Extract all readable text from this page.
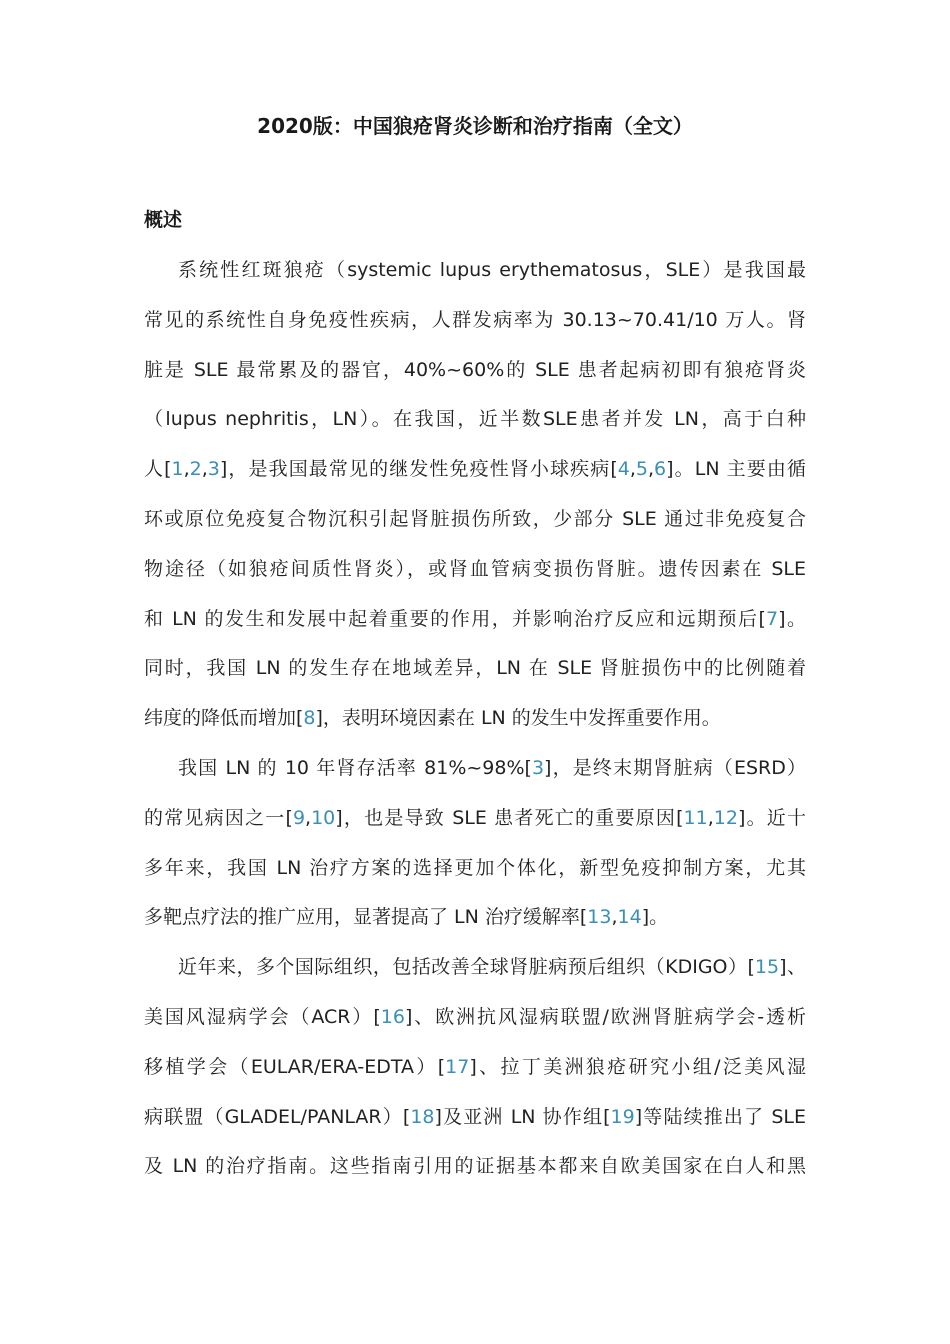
2020版：中国狼疮肾炎诊断和治疗指南（全文）
概述
系统性红斑狼疮（systemic lupus erythematosus，SLE）是我国最
常见的系统性自身免疫性疾病，人群发病率为 30.13~70.41/10 万人。肾
脏是 SLE 最常累及的器官，40%~60%的 SLE 患者起病初即有狼疮肾炎
（lupus nephritis，LN）。在我国，近半数SLE患者并发 LN，高于白种
人[1,2,3]，是我国最常见的继发性免疫性肾小球疾病[4,5,6]。LN 主要由循
环或原位免疫复合物沉积引起肾脏损伤所致，少部分 SLE 通过非免疫复合
物途径（如狼疮间质性肾炎），或肾血管病变损伤肾脏。遗传因素在 SLE
和 LN 的发生和发展中起着重要的作用，并影响治疗反应和远期预后[7]。
同时，我国 LN 的发生存在地域差异，LN 在 SLE 肾脏损伤中的比例随着
纬度的降低而增加[8]，表明环境因素在 LN 的发生中发挥重要作用。
我国 LN 的 10 年肾存活率 81%~98%[3]，是终末期肾脏病（ESRD）
的常见病因之一[9,10]，也是导致 SLE 患者死亡的重要原因[11,12]。近十
多年来，我国 LN 治疗方案的选择更加个体化，新型免疫抑制方案，尤其
多靶点疗法的推广应用，显著提高了 LN 治疗缓解率[13,14]。
近年来，多个国际组织，包括改善全球肾脏病预后组织（KDIGO）[15]、
美国风湿病学会（ACR）[16]、欧洲抗风湿病联盟/欧洲肾脏病学会-透析
移植学会（EULAR/ERA-EDTA）[17]、拉丁美洲狼疮研究小组/泛美风湿
病联盟（GLADEL/PANLAR）[18]及亚洲 LN 协作组[19]等陆续推出了 SLE
及 LN 的治疗指南。这些指南引用的证据基本都来自欧美国家在白人和黑
